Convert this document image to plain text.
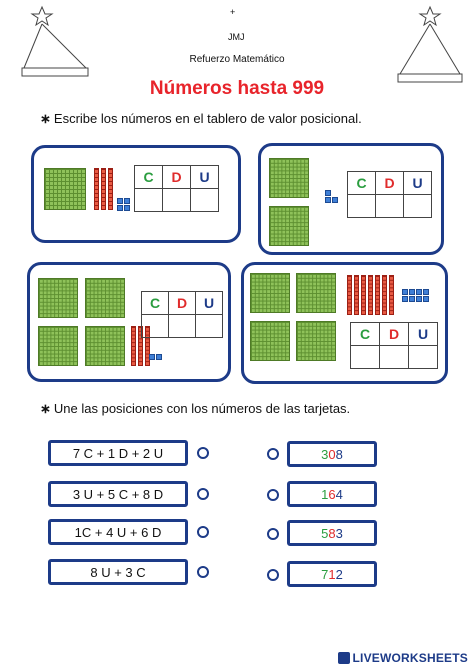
+
JMJ
Refuerzo Matemático
Números hasta 999
∗ Escribe los números en el tablero de valor posicional.
C	D	U
			C	D	U

C	D	U

C	D	U

∗ Une las posiciones con los números de las tarjetas.
7 C + 1 D + 2 U
3 U + 5 C + 8 D
1C + 4 U + 6 D
8 U + 3 C
3 0 8
1 6 4
5 8 3
7 1 2
LIVEWORKSHEETS
